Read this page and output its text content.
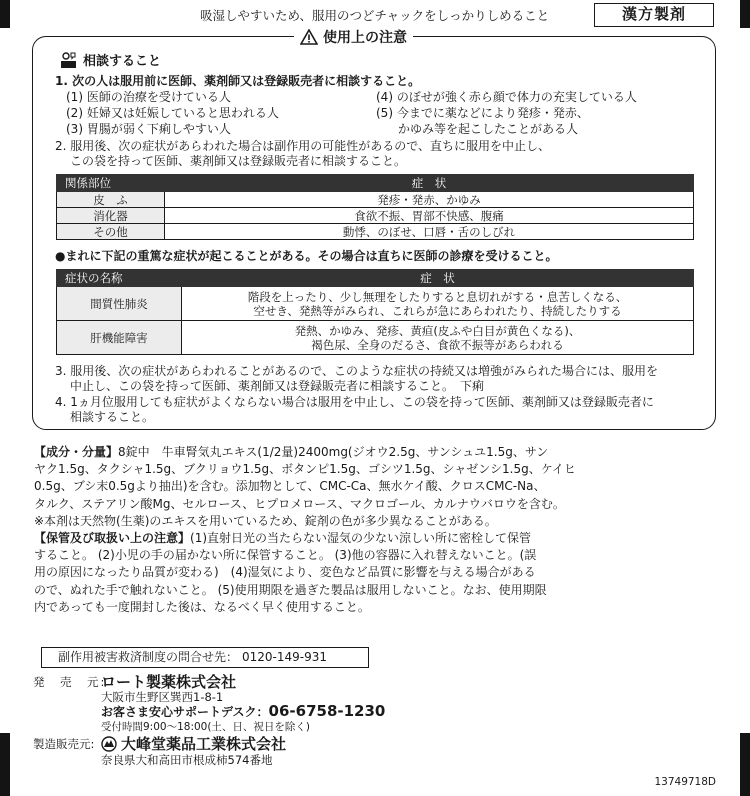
吸湿しやすいため、服用のつどチャックをしっかりしめること	漢方製剤
使用上の注意
相談すること
1. 次の人は服用前に医師、薬剤師又は登録販売者に相談すること。
(1) 医師の治療を受けている人
(2) 妊婦又は妊娠していると思われる人
(3) 胃腸が弱く下痢しやすい人
(4) のぼせが強く赤ら顔で体力の充実している人
(5) 今までに薬などにより発疹・発赤、
かゆみ等を起こしたことがある人
2. 服用後、次の症状があらわれた場合は副作用の可能性があるので、直ちに服用を中止し、
この袋を持って医師、薬剤師又は登録販売者に相談すること。
関係部位	症　状
皮　ふ	発疹・発赤、かゆみ
消化器	食欲不振、胃部不快感、腹痛
その他	動悸、のぼせ、口唇・舌のしびれ
●まれに下記の重篤な症状が起こることがある。その場合は直ちに医師の診療を受けること。
症状の名称	症　状
間質性肺炎	階段を上ったり、少し無理をしたりすると息切れがする・息苦しくなる、
空せき、発熱等がみられ、これらが急にあらわれたり、持続したりする

肝機能障害	発熱、かゆみ、発疹、黄疸(皮ふや白目が黄色くなる)、
褐色尿、全身のだるさ、食欲不振等があらわれる
3. 服用後、次の症状があらわれることがあるので、このような症状の持続又は増強がみられた場合には、服用を
中止し、この袋を持って医師、薬剤師又は登録販売者に相談すること。　下痢
4. 1ヵ月位服用しても症状がよくならない場合は服用を中止し、この袋を持って医師、薬剤師又は登録販売者に
相談すること。

【成分・分量】8錠中　牛車腎気丸エキス(1/2量)2400mg(ジオウ2.5g、サンシュユ1.5g、サン

ヤク1.5g、タクシャ1.5g、ブクリョウ1.5g、ボタンピ1.5g、ゴシツ1.5g、シャゼンシ1.5g、ケイヒ

0.5g、ブシ末0.5gより抽出)を含む。添加物として、CMC-Ca、無水ケイ酸、クロスCMC-Na、

タルク、ステアリン酸Mg、セルロース、ヒプロメロース、マクロゴール、カルナウバロウを含む。

※本剤は天然物(生薬)のエキスを用いているため、錠剤の色が多少異なることがある。

【保管及び取扱い上の注意】(1)直射日光の当たらない湿気の少ない涼しい所に密栓して保管

すること。 (2)小児の手の届かない所に保管すること。 (3)他の容器に入れ替えないこと。(誤

用の原因になったり品質が変わる)　(4)湿気により、変色など品質に影響を与える場合がある

ので、ぬれた手で触れないこと。 (5)使用期限を過ぎた製品は服用しないこと。なお、使用期限

内であっても一度開封した後は、なるべく早く使用すること。

副作用被害救済制度の問合せ先： 0120-149-931
発　売　元:
ロート製薬株式会社
大阪市生野区巽西1-8-1
お客さま安心サポートデスク：06-6758-1230
受付時間9:00～18:00(土、日、祝日を除く)
製造販売元: 大峰堂薬品工業株式会社
奈良県大和高田市根成柿574番地
13749718D
